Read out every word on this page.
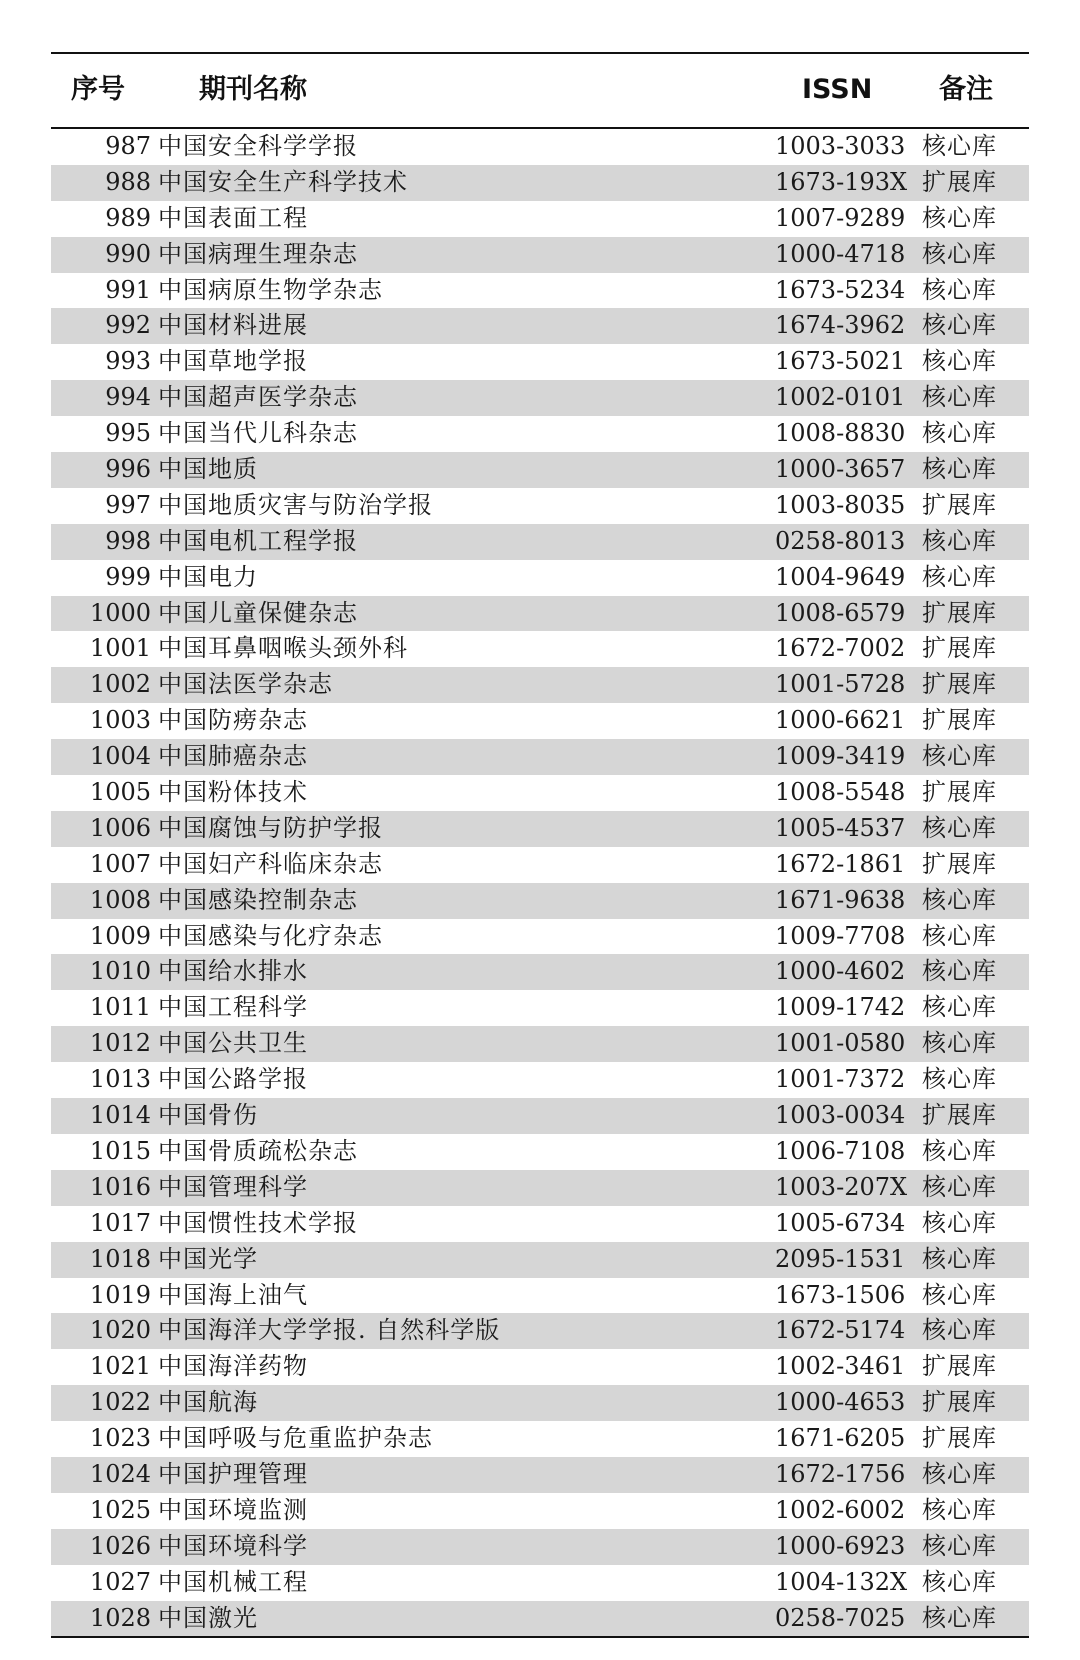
序号	期刊名称	ISSN 备注
987 中国安全科学学报	1003-3033 核心库
988 中国安全生产科学技术	1673-193X 扩展库
989 中国表面工程	1007-9289 核心库
990 中国病理生理杂志	1000-4718 核心库
991 中国病原生物学杂志	1673-5234 核心库
992 中国材料进展	1674-3962 核心库
993 中国草地学报	1673-5021 核心库
994 中国超声医学杂志	1002-0101 核心库
995 中国当代儿科杂志	1008-8830 核心库
996 中国地质	1000-3657 核心库
997 中国地质灾害与防治学报	1003-8035 扩展库
998 中国电机工程学报	0258-8013 核心库
999 中国电力	1004-9649 核心库
1000 中国儿童保健杂志	1008-6579 扩展库
1001 中国耳鼻咽喉头颈外科	1672-7002 扩展库
1002 中国法医学杂志	1001-5728 扩展库
1003 中国防痨杂志	1000-6621 扩展库
1004 中国肺癌杂志	1009-3419 核心库
1005 中国粉体技术	1008-5548 扩展库
1006 中国腐蚀与防护学报	1005-4537 核心库
1007 中国妇产科临床杂志	1672-1861 扩展库
1008 中国感染控制杂志	1671-9638 核心库
1009 中国感染与化疗杂志	1009-7708 核心库
1010 中国给水排水	1000-4602 核心库
1011 中国工程科学	1009-1742 核心库
1012 中国公共卫生	1001-0580 核心库
1013 中国公路学报	1001-7372 核心库
1014 中国骨伤	1003-0034 扩展库
1015 中国骨质疏松杂志	1006-7108 核心库
1016 中国管理科学	1003-207X 核心库
1017 中国惯性技术学报	1005-6734 核心库
1018 中国光学	2095-1531 核心库
1019 中国海上油气	1673-1506 核心库
1020 中国海洋大学学报. 自然科学版	1672-5174 核心库
1021 中国海洋药物	1002-3461 扩展库
1022 中国航海	1000-4653 扩展库
1023 中国呼吸与危重监护杂志	1671-6205 扩展库
1024 中国护理管理	1672-1756 核心库
1025 中国环境监测	1002-6002 核心库
1026 中国环境科学	1000-6923 核心库
1027 中国机械工程	1004-132X 核心库
1028 中国激光	0258-7025 核心库
